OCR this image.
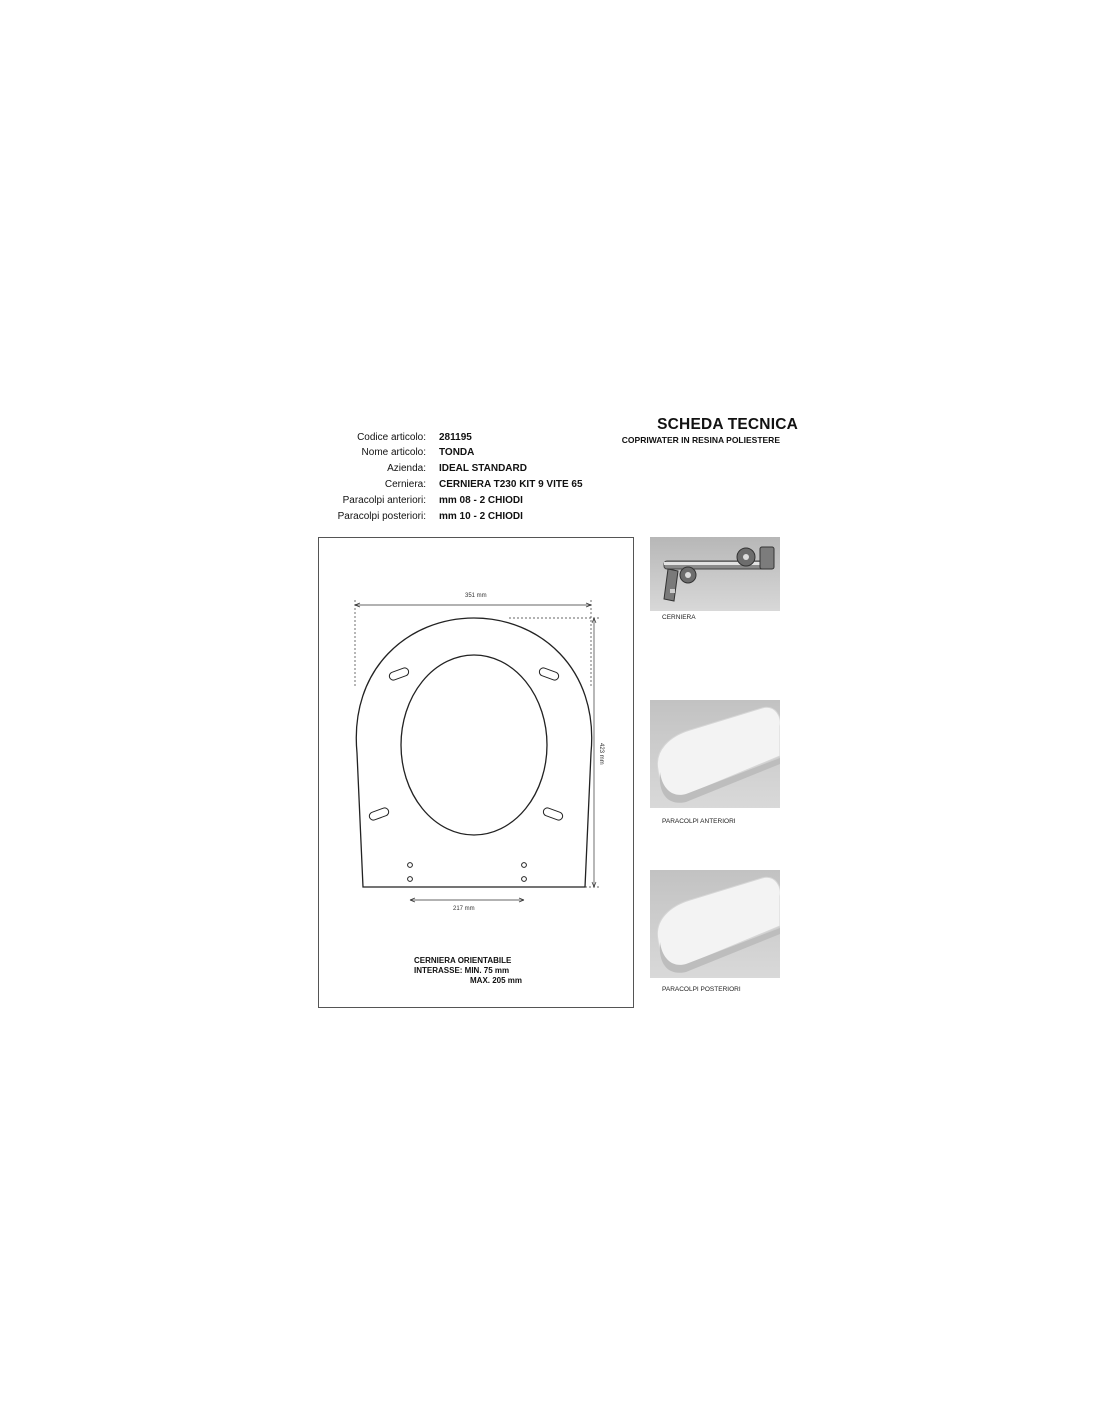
SCHEDA TECNICA
COPRIWATER IN RESINA POLIESTERE
Codice articolo: 281195
Nome articolo: TONDA
Azienda: IDEAL STANDARD
Cerniera: CERNIERA T230 KIT 9 VITE 65
Paracolpi anteriori: mm 08 - 2 CHIODI
Paracolpi posteriori: mm 10 - 2 CHIODI
351 mm
423 mm
217 mm
CERNIERA ORIENTABILE
INTERASSE: MIN. 75 mm
MAX. 205 mm
CERNIERA
PARACOLPI ANTERIORI
PARACOLPI POSTERIORI
